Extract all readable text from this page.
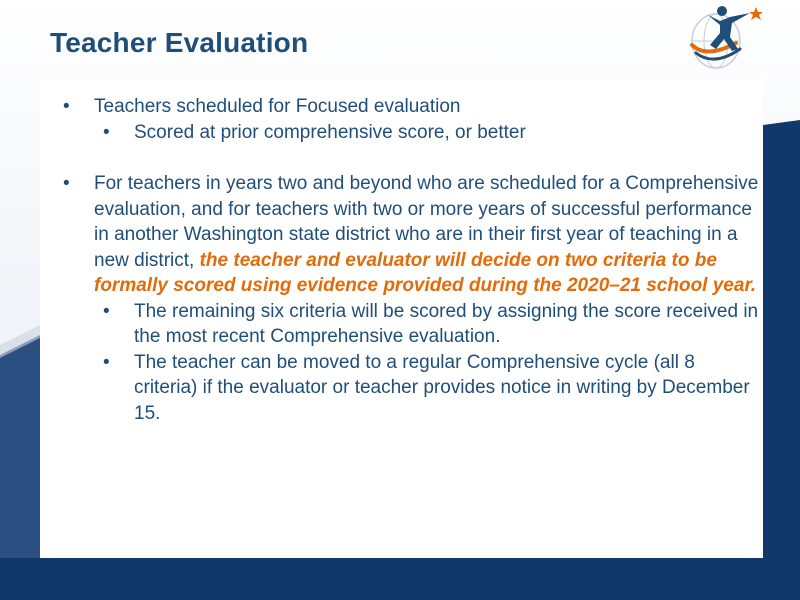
Teacher Evaluation
• Teachers scheduled for Focused evaluation
• Scored at prior comprehensive score, or better
• For teachers in years two and beyond who are scheduled for a Comprehensive evaluation, and for teachers with two or more years of successful performance in another Washington state district who are in their first year of teaching in a new district, the teacher and evaluator will decide on two criteria to be formally scored using evidence provided during the 2020–21 school year.
• The remaining six criteria will be scored by assigning the score received in the most recent Comprehensive evaluation.
• The teacher can be moved to a regular Comprehensive cycle (all 8 criteria) if the evaluator or teacher provides notice in writing by December 15.
